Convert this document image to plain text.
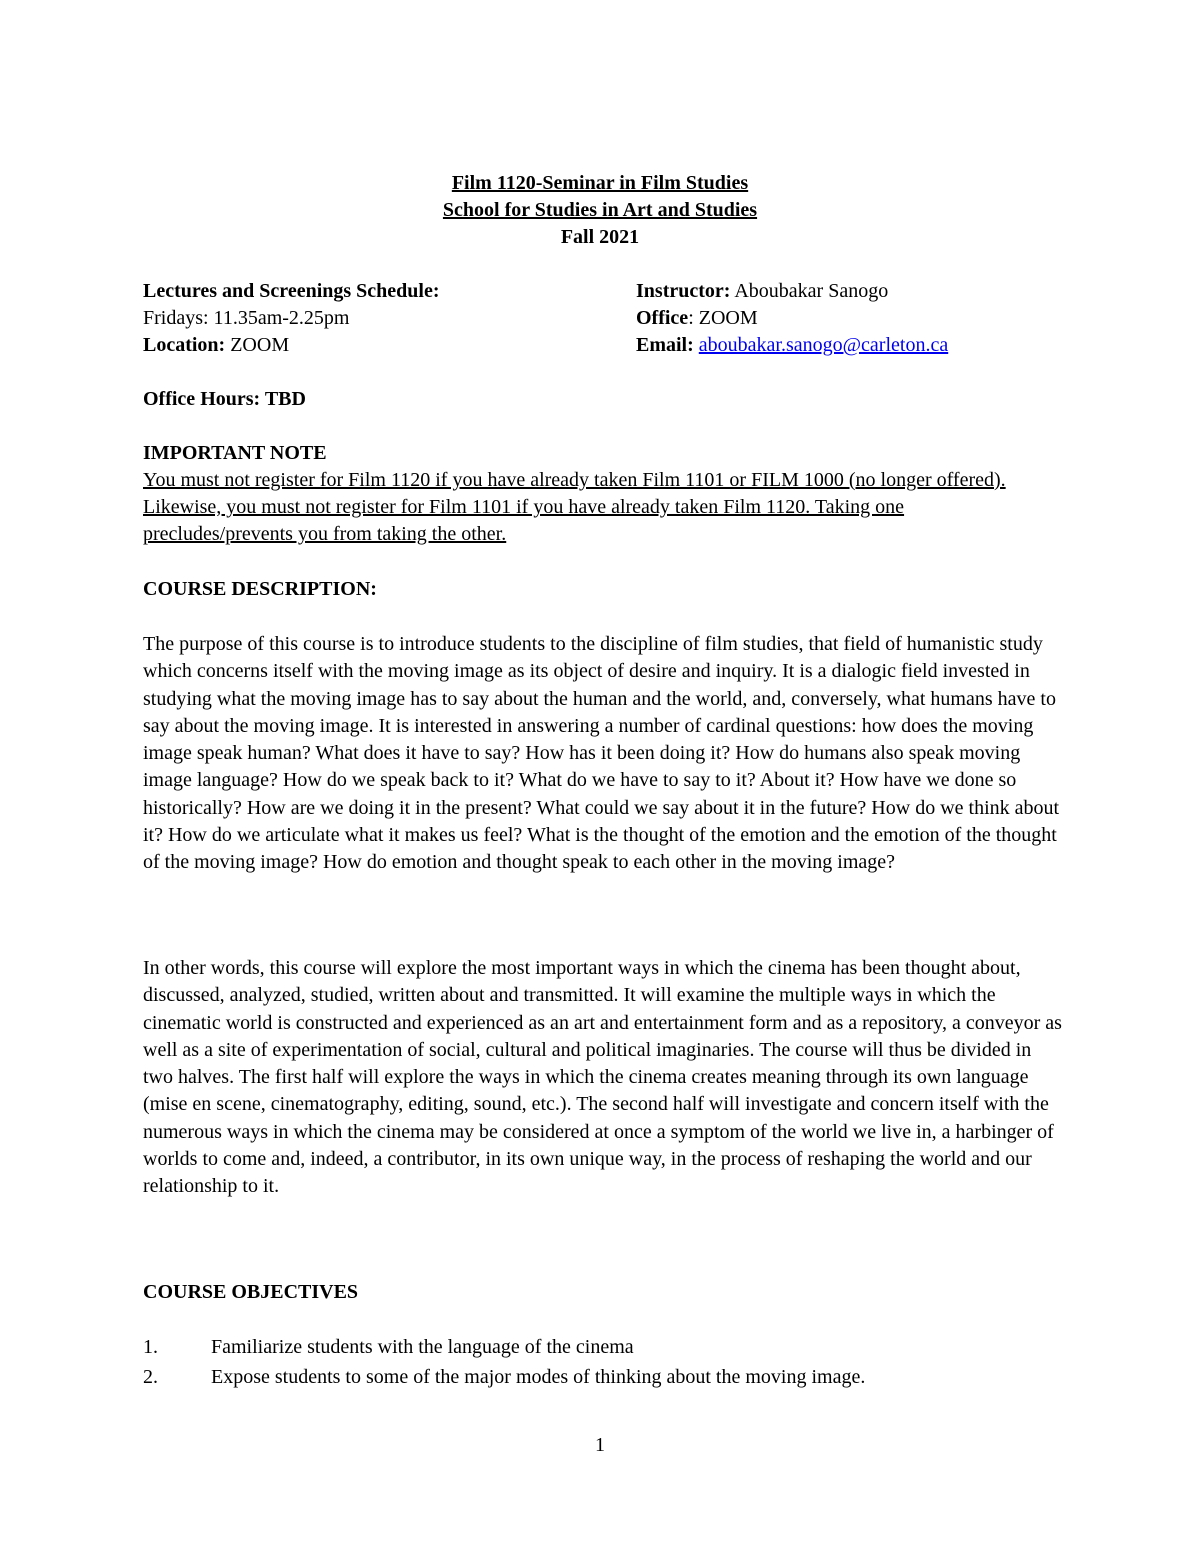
Film 1120-Seminar in Film Studies
School for Studies in Art and Studies
Fall 2021
Lectures and Screenings Schedule:
Fridays: 11.35am-2.25pm
Location: ZOOM
Instructor: Aboubakar Sanogo
Office: ZOOM
Email: aboubakar.sanogo@carleton.ca
Office Hours: TBD
IMPORTANT NOTE
You must not register for Film 1120 if you have already taken Film 1101 or FILM 1000 (no longer offered). Likewise, you must not register for Film 1101 if you have already taken Film 1120. Taking one precludes/prevents you from taking the other.
COURSE DESCRIPTION:
The purpose of this course is to introduce students to the discipline of film studies, that field of humanistic study which concerns itself with the moving image as its object of desire and inquiry. It is a dialogic field invested in studying what the moving image has to say about the human and the world, and, conversely, what humans have to say about the moving image. It is interested in answering a number of cardinal questions: how does the moving image speak human? What does it have to say? How has it been doing it? How do humans also speak moving image language? How do we speak back to it? What do we have to say to it? About it? How have we done so historically? How are we doing it in the present? What could we say about it in the future? How do we think about it? How do we articulate what it makes us feel? What is the thought of the emotion and the emotion of the thought of the moving image? How do emotion and thought speak to each other in the moving image?
In other words, this course will explore the most important ways in which the cinema has been thought about, discussed, analyzed, studied, written about and transmitted. It will examine the multiple ways in which the cinematic world is constructed and experienced as an art and entertainment form and as a repository, a conveyor as well as a site of experimentation of social, cultural and political imaginaries. The course will thus be divided in two halves. The first half will explore the ways in which the cinema creates meaning through its own language (mise en scene, cinematography, editing, sound, etc.). The second half will investigate and concern itself with the numerous ways in which the cinema may be considered at once a symptom of the world we live in, a harbinger of worlds to come and, indeed, a contributor, in its own unique way, in the process of reshaping the world and our relationship to it.
COURSE OBJECTIVES
1.	Familiarize students with the language of the cinema
2.	Expose students to some of the major modes of thinking about the moving image.
1
